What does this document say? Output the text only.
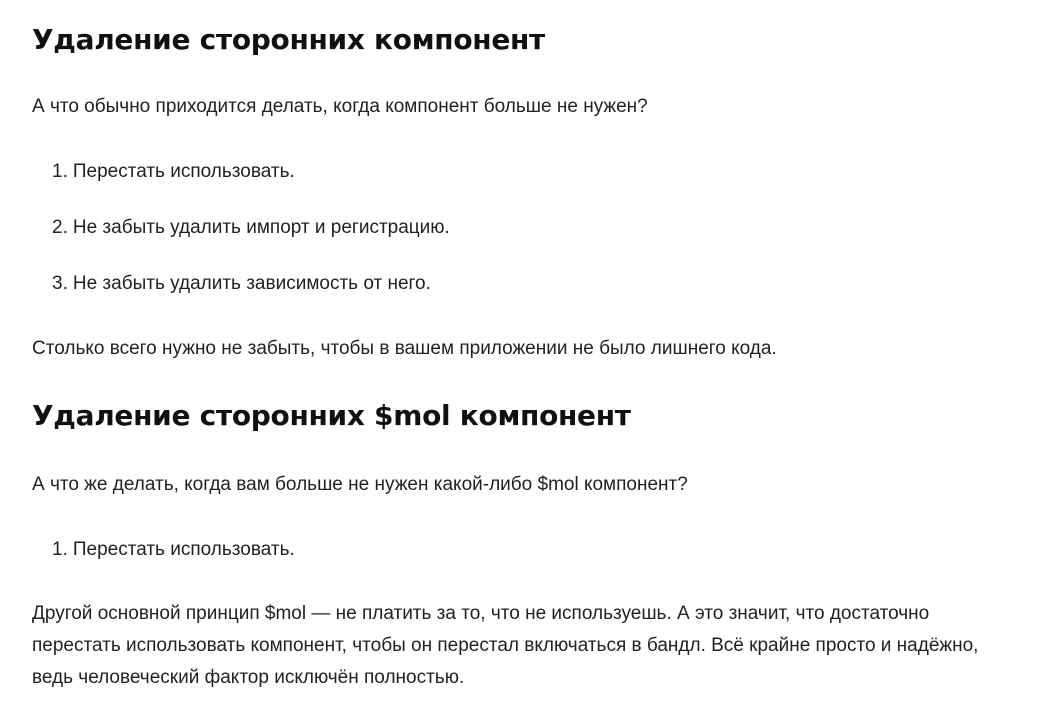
Удаление сторонних компонент

А что обычно приходится делать, когда компонент больше не нужен?

1. Перестать использовать.
2. Не забыть удалить импорт и регистрацию.
3. Не забыть удалить зависимость от него.

Столько всего нужно не забыть, чтобы в вашем приложении не было лишнего кода.

Удаление сторонних $mol компонент

А что же делать, когда вам больше не нужен какой-либо $mol компонент?

1. Перестать использовать.

Другой основной принцип $mol — не платить за то, что не используешь. А это значит, что достаточно перестать использовать компонент, чтобы он перестал включаться в бандл. Всё крайне просто и надёжно, ведь человеческий фактор исключён полностью.
